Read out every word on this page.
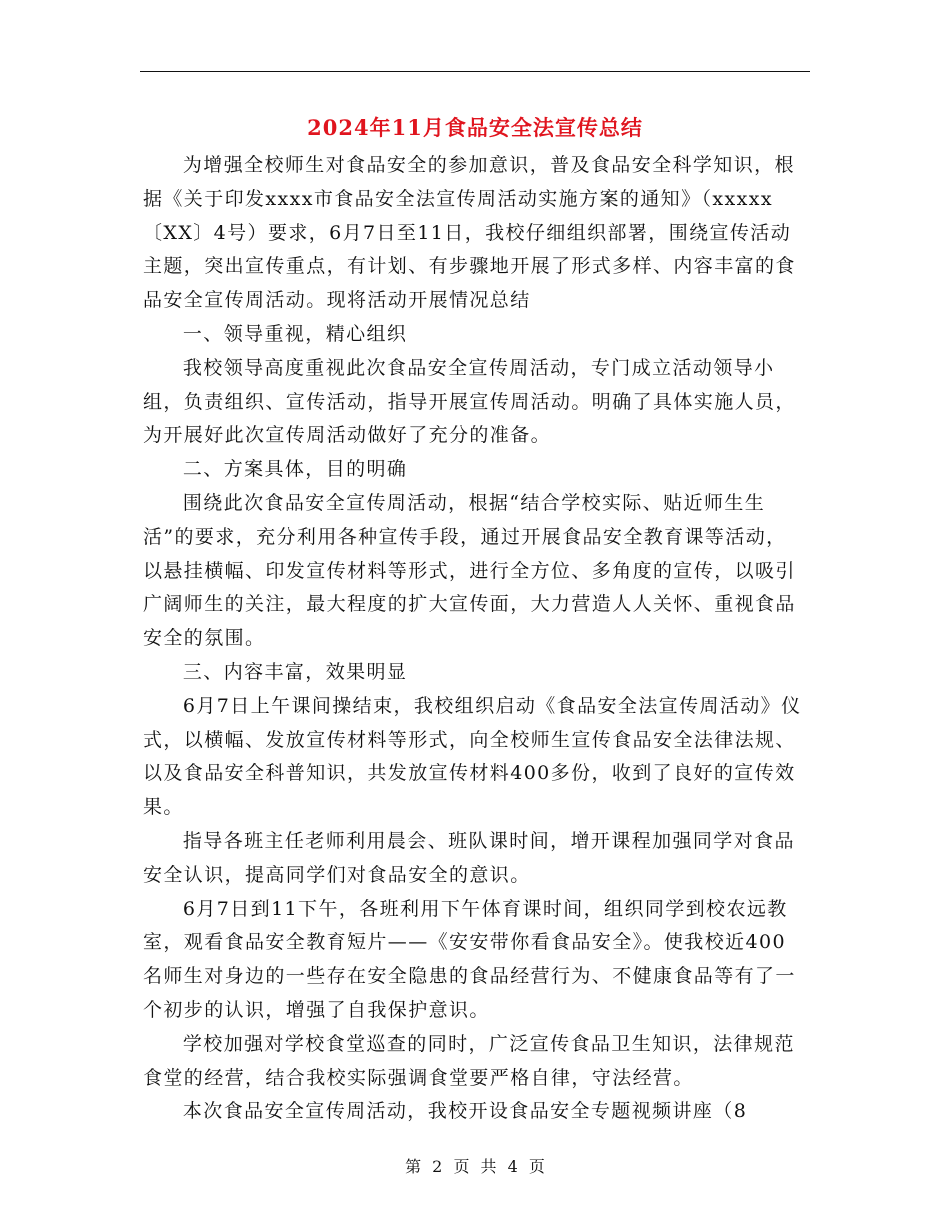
2024年11月食品安全法宣传总结

为增强全校师生对食品安全的参加意识，普及食品安全科学知识，根据《关于印发xxxx市食品安全法宣传周活动实施方案的通知》（xxxxx〔XX〕4号）要求，6月7日至11日，我校仔细组织部署，围绕宣传活动主题，突出宣传重点，有计划、有步骤地开展了形式多样、内容丰富的食品安全宣传周活动。现将活动开展情况总结

一、领导重视，精心组织

我校领导高度重视此次食品安全宣传周活动，专门成立活动领导小组，负责组织、宣传活动，指导开展宣传周活动。明确了具体实施人员，为开展好此次宣传周活动做好了充分的准备。

二、方案具体，目的明确

围绕此次食品安全宣传周活动，根据“结合学校实际、贴近师生生活”的要求，充分利用各种宣传手段，通过开展食品安全教育课等活动，以悬挂横幅、印发宣传材料等形式，进行全方位、多角度的宣传，以吸引广阔师生的关注，最大程度的扩大宣传面，大力营造人人关怀、重视食品安全的氛围。

三、内容丰富，效果明显

6月7日上午课间操结束，我校组织启动《食品安全法宣传周活动》仪式，以横幅、发放宣传材料等形式，向全校师生宣传食品安全法律法规、以及食品安全科普知识，共发放宣传材料400多份，收到了良好的宣传效果。

指导各班主任老师利用晨会、班队课时间，增开课程加强同学对食品安全认识，提高同学们对食品安全的意识。

6月7日到11下午，各班利用下午体育课时间，组织同学到校农远教室，观看食品安全教育短片——《安安带你看食品安全》。使我校近400名师生对身边的一些存在安全隐患的食品经营行为、不健康食品等有了一个初步的认识，增强了自我保护意识。

学校加强对学校食堂巡查的同时，广泛宣传食品卫生知识，法律规范食堂的经营，结合我校实际强调食堂要严格自律，守法经营。

本次食品安全宣传周活动，我校开设食品安全专题视频讲座（8

第 2 页 共 4 页
